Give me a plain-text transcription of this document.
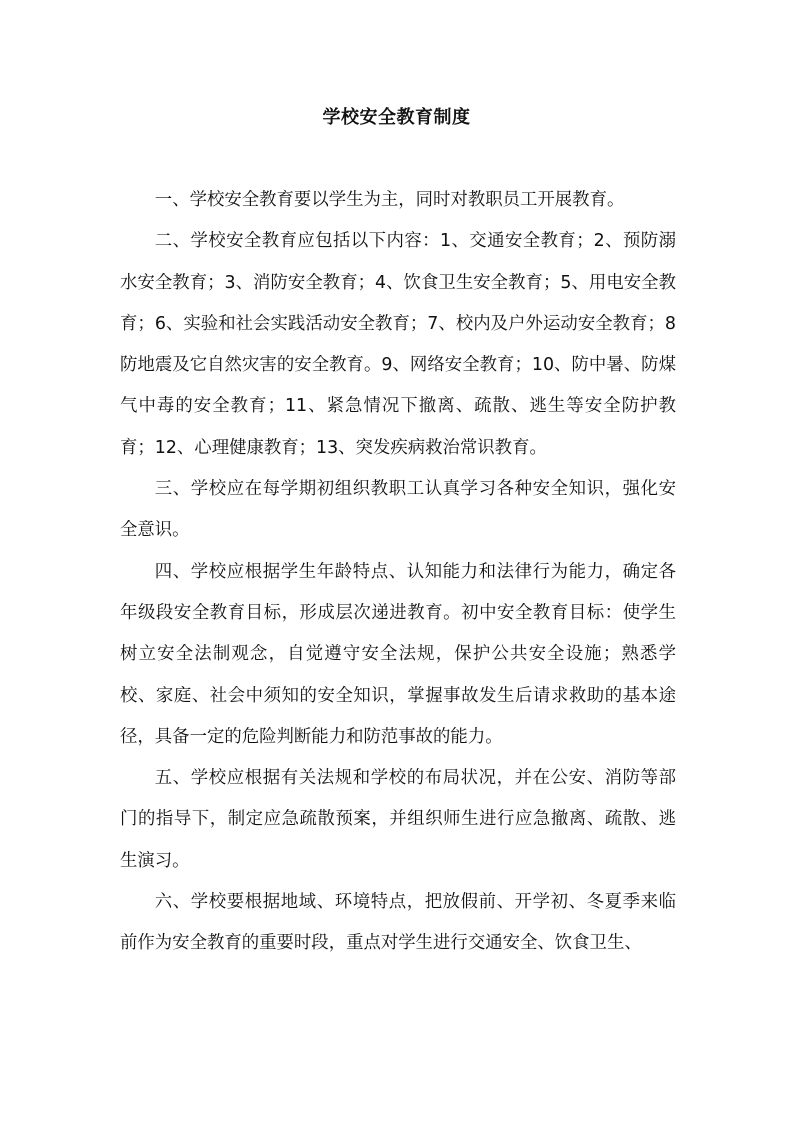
学校安全教育制度

一、学校安全教育要以学生为主，同时对教职员工开展教育。

二、学校安全教育应包括以下内容：1、交通安全教育；2、预防溺水安全教育；3、消防安全教育；4、饮食卫生安全教育；5、用电安全教育；6、实验和社会实践活动安全教育；7、校内及户外运动安全教育；8 防地震及它自然灾害的安全教育。9、网络安全教育；10、防中暑、防煤气中毒的安全教育；11、紧急情况下撤离、疏散、逃生等安全防护教育；12、心理健康教育；13、突发疾病救治常识教育。

三、学校应在每学期初组织教职工认真学习各种安全知识，强化安全意识。

四、学校应根据学生年龄特点、认知能力和法律行为能力，确定各年级段安全教育目标，形成层次递进教育。初中安全教育目标：使学生树立安全法制观念，自觉遵守安全法规，保护公共安全设施；熟悉学校、家庭、社会中须知的安全知识，掌握事故发生后请求救助的基本途径，具备一定的危险判断能力和防范事故的能力。

五、学校应根据有关法规和学校的布局状况，并在公安、消防等部门的指导下，制定应急疏散预案，并组织师生进行应急撤离、疏散、逃生演习。

六、学校要根据地域、环境特点，把放假前、开学初、冬夏季来临前作为安全教育的重要时段，重点对学生进行交通安全、饮食卫生、
